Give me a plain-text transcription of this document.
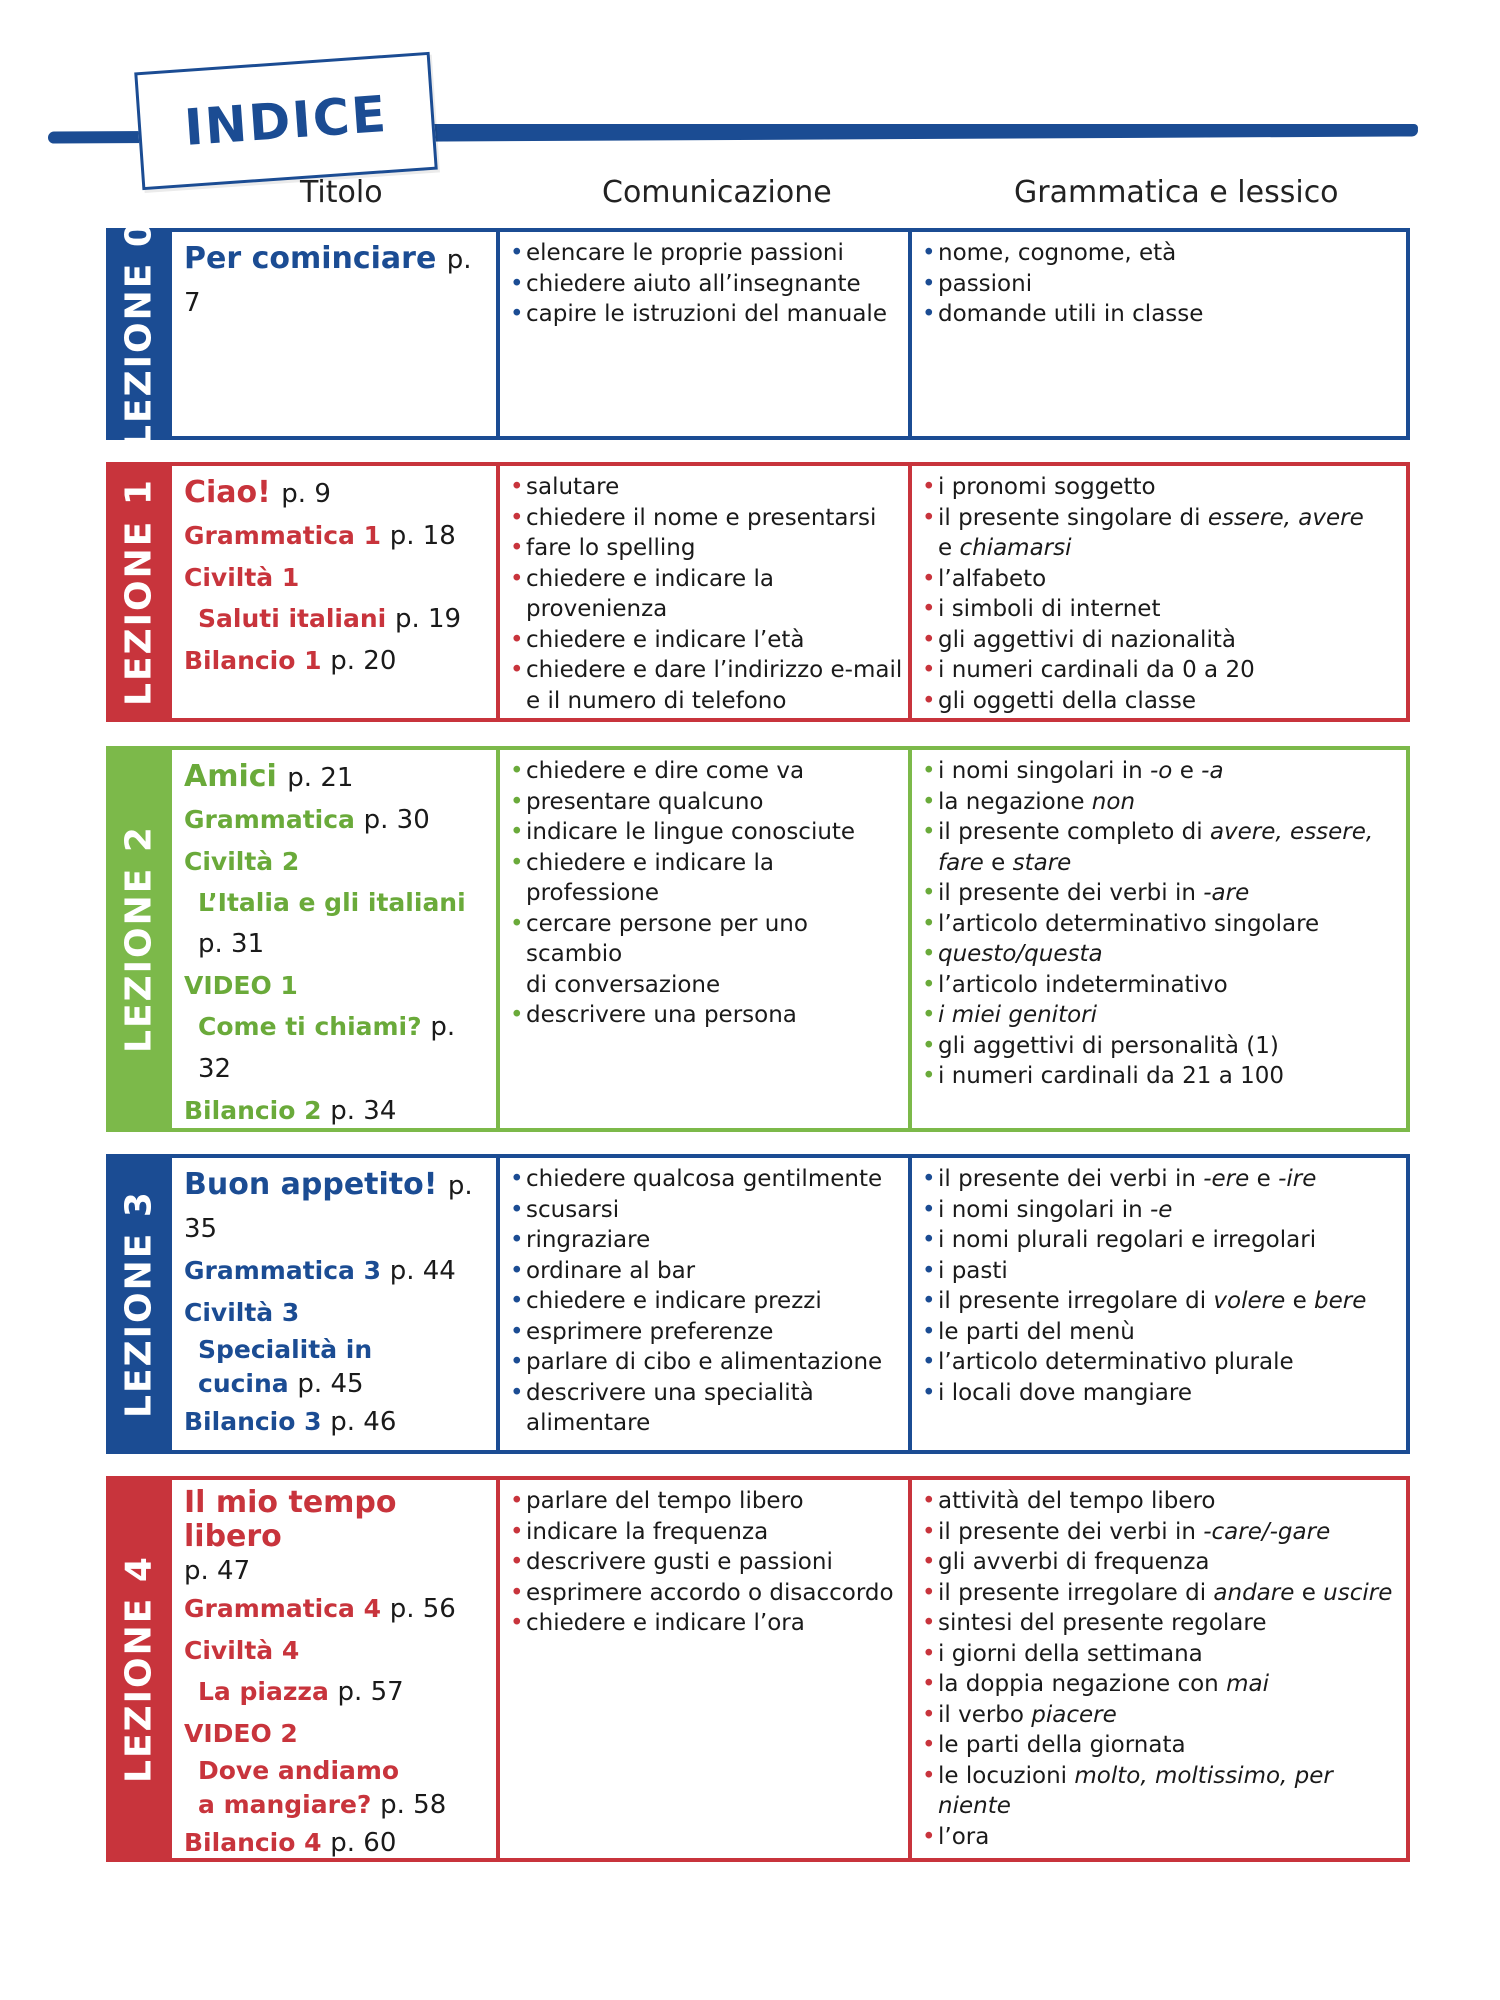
INDICE
Titolo	Comunicazione	Grammatica e lessico
LEZIONE 0 Per cominciare p. 7
• elencare le proprie passioni
• chiedere aiuto all’insegnante
• capire le istruzioni del manuale
• nome, cognome, età
• passioni
• domande utili in classe
LEZIONE 1 Ciao! p. 9
Grammatica 1 p. 18
Civiltà 1
Saluti italiani p. 19
Bilancio 1 p. 20
• salutare
• chiedere il nome e presentarsi
• fare lo spelling
• chiedere e indicare la provenienza
• chiedere e indicare l’età
• chiedere e dare l’indirizzo e-mail
e il numero di telefono
• i pronomi soggetto
• il presente singolare di essere, avere
e chiamarsi
• l’alfabeto
• i simboli di internet
• gli aggettivi di nazionalità
• i numeri cardinali da 0 a 20
• gli oggetti della classe
LEZIONE 2
Amici p. 21
Grammatica p. 30
Civiltà 2
L’Italia e gli italiani p. 31
VIDEO 1
Come ti chiami? p. 32
Bilancio 2 p. 34
• chiedere e dire come va
• presentare qualcuno
• indicare le lingue conosciute
• chiedere e indicare la professione
• cercare persone per uno scambio
di conversazione
• descrivere una persona
• i nomi singolari in -o e -a
• la negazione non
• il presente completo di avere, essere,
fare e stare
• il presente dei verbi in -are
• l’articolo determinativo singolare
• questo/questa
• l’articolo indeterminativo
• i miei genitori
• gli aggettivi di personalità (1)
• i numeri cardinali da 21 a 100
LEZIONE 3
Buon appetito! p. 35
Grammatica 3 p. 44
Civiltà 3
Specialità in
cucina p. 45
Bilancio 3 p. 46
• chiedere qualcosa gentilmente
• scusarsi
• ringraziare
• ordinare al bar
• chiedere e indicare prezzi
• esprimere preferenze
• parlare di cibo e alimentazione
• descrivere una specialità
alimentare
• il presente dei verbi in -ere e -ire
• i nomi singolari in -e
• i nomi plurali regolari e irregolari
• i pasti
• il presente irregolare di volere e bere
• le parti del menù
• l’articolo determinativo plurale
• i locali dove mangiare
LEZIONE 4
Il mio tempo libero
p. 47
Grammatica 4 p. 56
Civiltà 4
La piazza p. 57
VIDEO 2
Dove andiamo
a mangiare? p. 58
Bilancio 4 p. 60
• parlare del tempo libero
• indicare la frequenza
• descrivere gusti e passioni
• esprimere accordo o disaccordo
• chiedere e indicare l’ora
• attività del tempo libero
• il presente dei verbi in -care/-gare
• gli avverbi di frequenza
• il presente irregolare di andare e uscire
• sintesi del presente regolare
• i giorni della settimana
• la doppia negazione con mai
• il verbo piacere
• le parti della giornata
• le locuzioni molto, moltissimo, per niente
• l’ora
